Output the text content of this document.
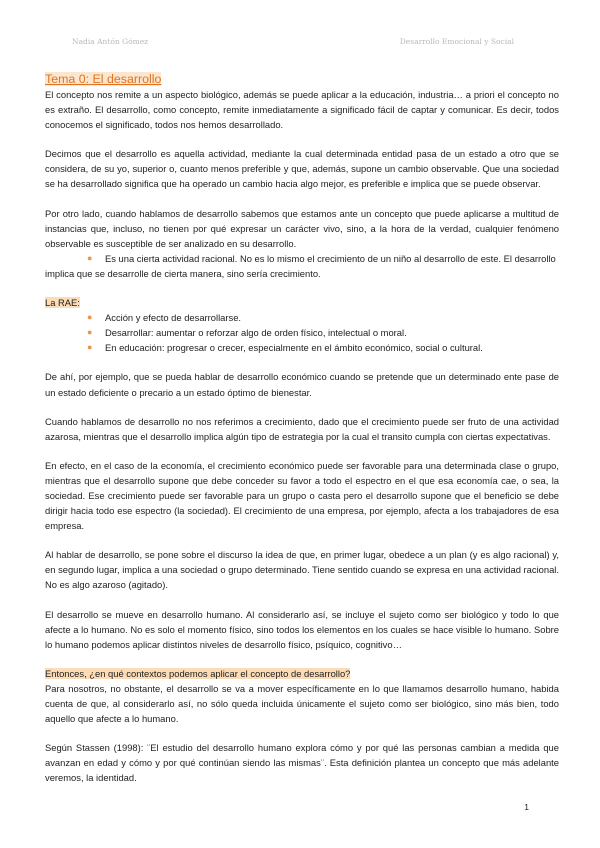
Nadia Antón Gómez	Desarrollo Emocional y Social
Tema 0: El desarrollo

El concepto nos remite a un aspecto biológico, además se puede aplicar a la educación, industria… a priori el concepto no es extraño. El desarrollo, como concepto, remite inmediatamente a significado fácil de captar y comunicar. Es decir, todos conocemos el significado, todos nos hemos desarrollado.

Decimos que el desarrollo es aquella actividad, mediante la cual determinada entidad pasa de un estado a otro que se considera, de su yo, superior o, cuanto menos preferible y que, además, supone un cambio observable. Que una sociedad se ha desarrollado significa que ha operado un cambio hacia algo mejor, es preferible e implica que se puede observar.

Por otro lado, cuando hablamos de desarrollo sabemos que estamos ante un concepto que puede aplicarse a multitud de instancias que, incluso, no tienen por qué expresar un carácter vivo, sino, a la hora de la verdad, cualquier fenómeno observable es susceptible de ser analizado en su desarrollo.

● Es una cierta actividad racional. No es lo mismo el crecimiento de un niño al desarrollo de este. El desarrollo

implica que se desarrolle de cierta manera, sino sería crecimiento.

La RAE:

● Acción y efecto de desarrollarse.
● Desarrollar: aumentar o reforzar algo de orden físico, intelectual o moral.
● En educación: progresar o crecer, especialmente en el ámbito económico, social o cultural.

De ahí, por ejemplo, que se pueda hablar de desarrollo económico cuando se pretende que un determinado ente pase de un estado deficiente o precario a un estado óptimo de bienestar.

Cuando hablamos de desarrollo no nos referimos a crecimiento, dado que el crecimiento puede ser fruto de una actividad azarosa, mientras que el desarrollo implica algún tipo de estrategia por la cual el transito cumpla con ciertas expectativas.

En efecto, en el caso de la economía, el crecimiento económico puede ser favorable para una determinada clase o grupo, mientras que el desarrollo supone que debe conceder su favor a todo el espectro en el que esa economía cae, o sea, la sociedad. Ese crecimiento puede ser favorable para un grupo o casta pero el desarrollo supone que el beneficio se debe dirigir hacia todo ese espectro (la sociedad). El crecimiento de una empresa, por ejemplo, afecta a los trabajadores de esa empresa.

Al hablar de desarrollo, se pone sobre el discurso la idea de que, en primer lugar, obedece a un plan (y es algo racional) y, en segundo lugar, implica a una sociedad o grupo determinado. Tiene sentido cuando se expresa en una actividad racional. No es algo azaroso (agitado).

El desarrollo se mueve en desarrollo humano. Al considerarlo así, se incluye el sujeto como ser biológico y todo lo que afecte a lo humano. No es solo el momento físico, sino todos los elementos en los cuales se hace visible lo humano. Sobre lo humano podemos aplicar distintos niveles de desarrollo físico, psíquico, cognitivo…

Entonces, ¿en qué contextos podemos aplicar el concepto de desarrollo?

Para nosotros, no obstante, el desarrollo se va a mover específicamente en lo que llamamos desarrollo humano, habida cuenta de que, al considerarlo así, no sólo queda incluida únicamente el sujeto como ser biológico, sino más bien, todo aquello que afecte a lo humano.

Según Stassen (1998): ¨El estudio del desarrollo humano explora cómo y por qué las personas cambian a medida que avanzan en edad y cómo y por qué continúan siendo las mismas¨. Esta definición plantea un concepto que más adelante veremos, la identidad.

1
